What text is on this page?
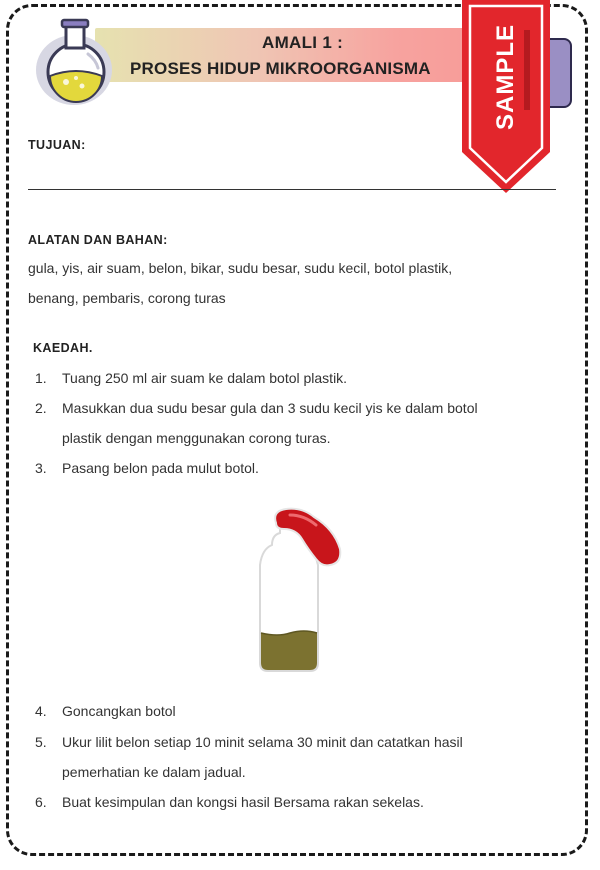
AMALI 1 :
PROSES HIDUP MIKROORGANISMA	SAMPLE
TUJUAN:
ALATAN DAN BAHAN:
gula, yis, air suam, belon, bikar, sudu besar, sudu kecil, botol plastik,
benang, pembaris, corong turas
KAEDAH.
1. Tuang 250 ml air suam ke dalam botol plastik.
2. Masukkan dua sudu besar gula dan 3 sudu kecil yis ke dalam botol
plastik dengan menggunakan corong turas.
3. Pasang belon pada mulut botol.
4. Goncangkan botol
5. Ukur lilit belon setiap 10 minit selama 30 minit dan catatkan hasil
pemerhatian ke dalam jadual.
6. Buat kesimpulan dan kongsi hasil Bersama rakan sekelas.
